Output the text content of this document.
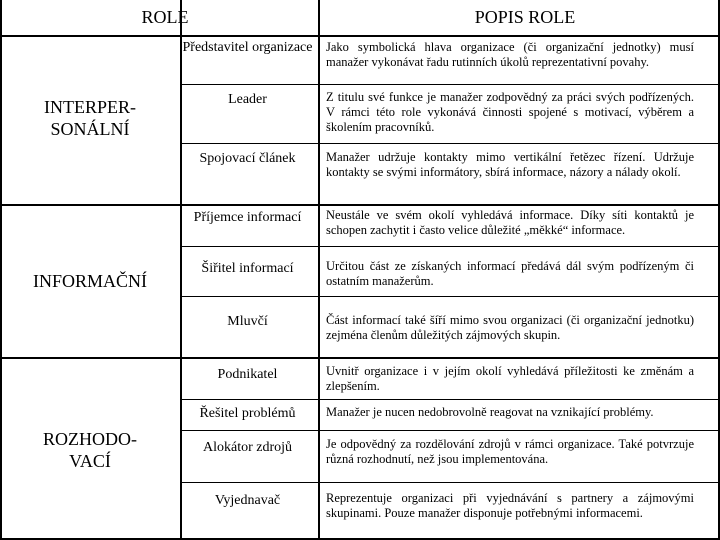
ROLE	POPIS ROLE
INTERPER-
SONÁLNÍ
INFORMAČNÍ
ROZHODO-
VACÍ
Představitel organizace
Leader
Spojovací článek
Příjemce informací
Šiřitel informací
Mluvčí
Podnikatel
Řešitel problémů
Alokátor zdrojů
Vyjednavač
Jako symbolická hlava organizace (či organizační jednotky) musí manažer vykonávat řadu rutinních úkolů reprezentativní povahy.
Z titulu své funkce je manažer zodpovědný za práci svých podřízených. V rámci této role vykonává činnosti spojené s motivací, výběrem a školením pracovníků.
Manažer udržuje kontakty mimo vertikální řetězec řízení. Udržuje kontakty se svými informátory, sbírá informace, názory a nálady okolí.
Neustále ve svém okolí vyhledává informace. Díky síti kontaktů je schopen zachytit i často velice důležité „měkké“ informace.
Určitou část ze získaných informací předává dál svým podřízeným či ostatním manažerům.
Část informací také šíří mimo svou organizaci (či organizační jednotku) zejména členům důležitých zájmových skupin.
Uvnitř organizace i v jejím okolí vyhledává příležitosti ke změnám a zlepšením.
Manažer je nucen nedobrovolně reagovat na vznikající problémy.
Je odpovědný za rozdělování zdrojů v rámci organizace. Také potvrzuje různá rozhodnutí, než jsou implementována.
Reprezentuje organizaci při vyjednávání s partnery a zájmovými skupinami. Pouze manažer disponuje potřebnými informacemi.
